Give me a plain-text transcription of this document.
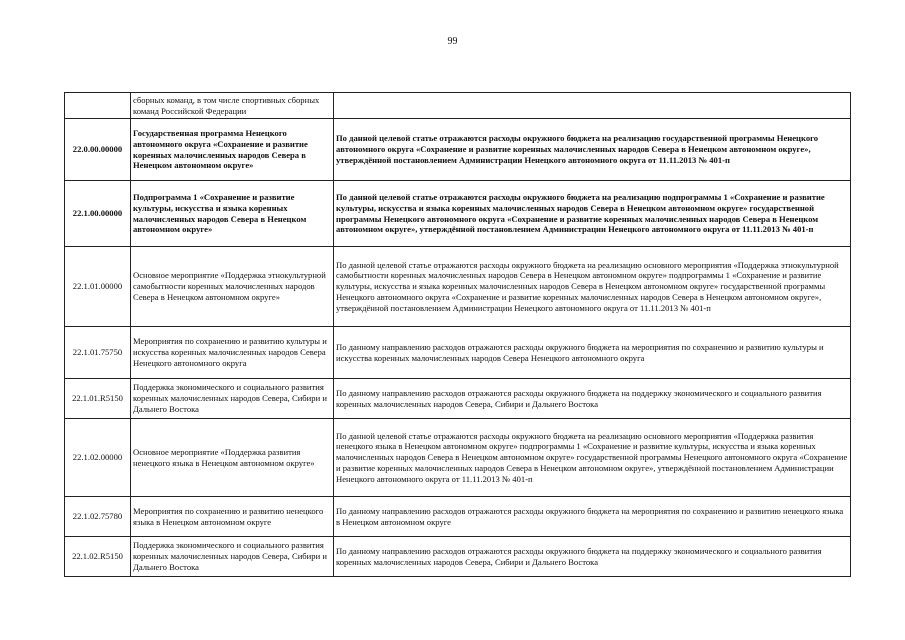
99
	сборных команд, в том числе спортивных сборных команд Российской Федерации	
22.0.00.00000	Государственная программа Ненецкого автономного округа «Сохранение и развитие коренных малочисленных народов Севера в Ненецком автономном округе»	По данной целевой статье отражаются расходы окружного бюджета на реализацию государственной программы Ненецкого автономного округа «Сохранение и развитие коренных малочисленных народов Севера в Ненецком автономном округе», утверждённой постановлением Администрации Ненецкого автономного округа от 11.11.2013 № 401-п
22.1.00.00000	Подпрограмма 1 «Сохранение и развитие культуры, искусства и языка коренных малочисленных народов Севера в Ненецком автономном округе»	По данной целевой статье отражаются расходы окружного бюджета на реализацию подпрограммы 1 «Сохранение и развитие культуры, искусства и языка коренных малочисленных народов Севера в Ненецком автономном округе» государственной программы Ненецкого автономного округа «Сохранение и развитие коренных малочисленных народов Севера в Ненецком автономном округе», утверждённой постановлением Администрации Ненецкого автономного округа от 11.11.2013 № 401-п
22.1.01.00000	Основное мероприятие «Поддержка этнокультурной самобытности коренных малочисленных народов Севера в Ненецком автономном округе»	По данной целевой статье отражаются расходы окружного бюджета на реализацию основного мероприятия «Поддержка этнокультурной самобытности коренных малочисленных народов Севера в Ненецком автономном округе» подпрограммы 1 «Сохранение и развитие культуры, искусства и языка коренных малочисленных народов Севера в Ненецком автономном округе» государственной программы Ненецкого автономного округа «Сохранение и развитие коренных малочисленных народов Севера в Ненецком автономном округе», утверждённой постановлением Администрации Ненецкого автономного округа от 11.11.2013 № 401-п
22.1.01.75750	Мероприятия по сохранению и развитию культуры и искусства коренных малочисленных народов Севера Ненецкого автономного округа	По данному направлению расходов отражаются расходы окружного бюджета на мероприятия по сохранению и развитию культуры и искусства коренных малочисленных народов Севера Ненецкого автономного округа
22.1.01.R5150	Поддержка экономического и социального развития коренных малочисленных народов Севера, Сибири и Дальнего Востока	По данному направлению расходов отражаются расходы окружного бюджета на поддержку экономического и социального развития коренных малочисленных народов Севера, Сибири и Дальнего Востока
22.1.02.00000	Основное мероприятие «Поддержка развития ненецкого языка в Ненецком автономном округе»	По данной целевой статье отражаются расходы окружного бюджета на реализацию основного мероприятия «Поддержка развития ненецкого языка в Ненецком автономном округе» подпрограммы 1 «Сохранение и развитие культуры, искусства и языка коренных малочисленных народов Севера в Ненецком автономном округе» государственной программы Ненецкого автономного округа «Сохранение и развитие коренных малочисленных народов Севера в Ненецком автономном округе», утверждённой постановлением Администрации Ненецкого автономного округа от 11.11.2013 № 401-п
22.1.02.75780	Мероприятия по сохранению и развитию ненецкого языка в Ненецком автономном округе	По данному направлению расходов отражаются расходы окружного бюджета на мероприятия по сохранению и развитию ненецкого языка в Ненецком автономном округе
22.1.02.R5150	Поддержка экономического и социального развития коренных малочисленных народов Севера, Сибири и Дальнего Востока	По данному направлению расходов отражаются расходы окружного бюджета на поддержку экономического и социального развития коренных малочисленных народов Севера, Сибири и Дальнего Востока
